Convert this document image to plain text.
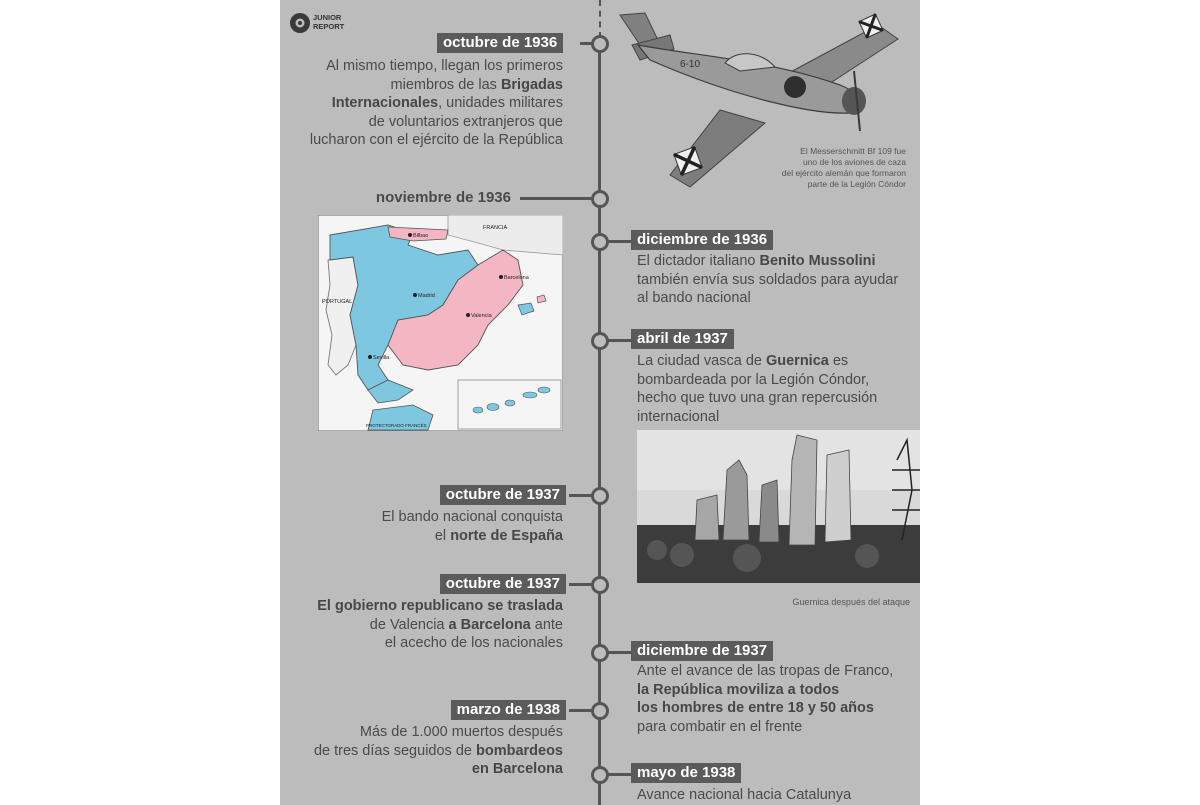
JUNIOR
REPORT
octubre de 1936
Al mismo tiempo, llegan los primeros
miembros de las Brigadas
Internacionales, unidades militares
de voluntarios extranjeros que
lucharon con el ejército de la República
6-10
El Messerschmitt Bf 109 fue
uno de los aviones de caza
del ejército alemán que formaron
parte de la Legión Cóndor
noviembre de 1936
Madrid
Barcelona
Valencia
Sevilla
Bilbao
FRANCIA
PORTUGAL
PROTECTORADO FRANCÉS
diciembre de 1936
El dictador italiano Benito Mussolini
también envía sus soldados para ayudar
al bando nacional
abril de 1937
La ciudad vasca de Guernica es
bombardeada por la Legión Cóndor,
hecho que tuvo una gran repercusión
internacional
Guernica después del ataque
octubre de 1937
El bando nacional conquista
el norte de España
octubre de 1937
El gobierno republicano se traslada
de Valencia a Barcelona ante
el acecho de los nacionales	diciembre de 1937
Ante el avance de las tropas de Franco,
la República moviliza a todos
los hombres de entre 18 y 50 años
para combatir en el frente
marzo de 1938
Más de 1.000 muertos después
de tres días seguidos de bombardeos
en Barcelona	mayo de 1938
Avance nacional hacia Catalunya
